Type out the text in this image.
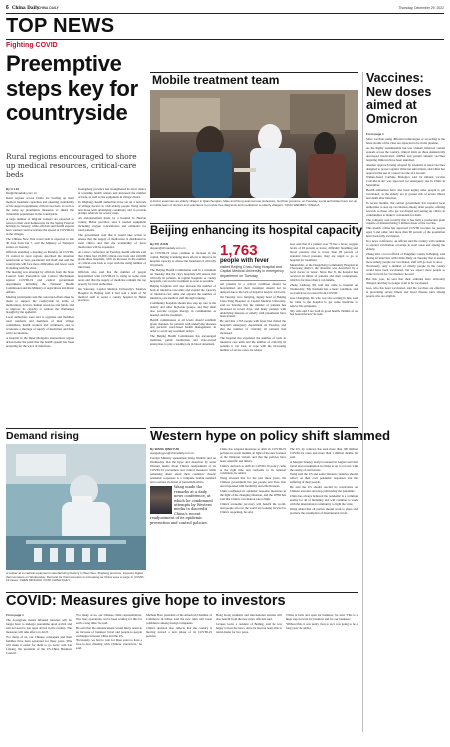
6 China Daily
CHINA DAILY	Thursday, December 29, 2022
TOP NEWS
Fighting COVID
Preemptive steps key for countryside
Rural regions encouraged to shore up medical resources, critical-care beds
By LI LEI
lilei@chinadaily.com.cn

Rural regions across China are beefing up their medical treatment capacities and ensuring availability of life support equipment, critical-care beds, as well as the ramp up preemptive measures to shield the vulnerable populations in the countryside.

A large number of migrant workers are expected to return to their rural hometowns for the Spring Festival holidays in January, while officials said health experts have warned could accelerate the spread of COVID-19 in the villages.

The Chinese New Year travel rush is expected to last 40 days from Jan 7, said the Ministry of Transport earlier on Tuesday.

Officials attending a meeting on Monday on COVID-19 control in rural regions described the situation nationwide as 'new, paramount and fluid' and said the countryside will face more difficulties and fewer tools in dealing with the virus.

The meeting was attended by officials from the State Council Joint Prevention and Control Mechanism against COVID-19 and central government departments including the National Health Commission and the Ministry of Agriculture and Rural Affairs.

Meeting participants said the concerted efforts must be made to support the countryside in terms of medications, devices, human resources and funds, and to improve its capacity to address the challenges brought by the epidemic.

Local authorities were told to organize and mobilize rural residents and members of their village committees, health workers and volunteers, and to accelerate a shortage of supply of medicines and help with vaccinations.

A hospital in the Inner Mongolia autonomous region drives home the point that the health system has been preparing for the wave of infections.

Guangdong province has strengthened its fever clinics at township health centers and increased the number of beds, as well as the equipment in village clinics.

In Zhejiang, health authorities have set up a network of village doctors to visit elderly people living alone and those with underlying conditions, and to provide prompt referrals for severe cases.

An announcement made by a hospital in Huai'an county, Hebei province, said it needed equipment including oxygen concentrators and oximeters for rural patients.

The government said that it would take action to ensure that the supply of medication is distributed to rural clinics and that the availability of fever medication will be expanded.

At a news conference on Tuesday, health officials said that China had 16,000 critical-care beds and 220,000 grade-three hospitals, with an increase in the number of critical-care beds to cope with the rising number of infections.

Officials also said that the number of people hospitalized with COVID-19 is rising in some rural areas and that the supply of medicine remains the top priority for rural authorities.

On Saturday, Capital Medical University's Xuanwu Hospital in Beijing said it had sent a team of 50 medical staff to assist a county hospital in Hebei province.

Mobile treatment team
A doctor examines an elderly villager in Qianchengtan, Miao and Dong autonomous prefecture, Guizhou province, on Tuesday. Local authorities have set up a mobile team of doctors and volunteers to provide free diagnosis and medication to elderly villagers. YANG WENBIN / XINHUA
Beijing enhancing its hospital capacity
By DU JUAN
dujuan@chinadaily.com.cn

As COVID-19 cases continue to increase in the capital, Beijing is making more efforts to improve its hospital capacity to ensure the treatment of critically ill patients.

The Beijing Health Commission said in a statement on Tuesday that the city's hospitals will ensure that critically ill patients, in regular hospitals or county hospitals, can receive treatment as soon as possible.

Beijing hospitals will also increase the number of beds in intensive-care units and expand the capacity of intensive-care units and expand the number of intensive-care medical staff through training.

Community hospitals should also step up care to the elderly and other high-risk groups, and they must also provide oxygen therapy in communities as needed, and the treatment.

Health commissions at all levels should establish green channels for patients with underlying diseases and perform ward-based health management, in order to avoid any treatment delays.

The Beijing Health Commission has encouraged institutes, public institutions and state-owned enterprises to play a leading role in blood donations.

1,763
people with fever
visited Beijing Chao-Yang Hospital and Capital Medical University in emergency department on Tuesday

All patients in a critical condition should be hospitalized and their treatment should not be delayed due to the lack of negative nucleic acid tests.

On Tuesday, Guo Jianying, deputy head of Beijing Chao-Yang Hospital of Capital Medical University, said on Tuesday that the number of patients has increased in recent days, and many patients with underlying diseases or elderly with pneumonia have been treated.

He said that 1,763 people with fever had visited the hospital's emergency department on Tuesday, and that the number of critically ill patients had increased.

The hospital has expanded the number of beds in intensive care units and the number of critically ill patients it can treat, to cope with the increasing number of severe cases, he added.

Guo said that if a patient over 70 has a fever, oxygen levels of 93 percent or lower, difficulty breathing and blood pressure that is lower than 90 percent of standard blood pressure, they are urged to go to hospital for treatment.

Meanwhile, at the Dongcheng Community Hospital in Chaoyang district, the situation was described by a local doctor as 'tense'. Since Dec 8, the hospital has received an influx of patients and their companions, which is far more than it can handle.

Zhang Lizhong, 68, said she came to hospital on Wednesday: 'My husband has a heart condition, and we both have recovered from COVID.'

Guo Changling, 66, who was also waiting in line, said he came to the hospital to get some medicine to relieve his symptoms.

'My wife and I are both in good health. Neither of us has been infected,' he said.

Vaccines: New doses aimed at Omicron
From page 1

More vaccines using different technologies or according to the latest strains of the virus are expected to be in the pipeline.

As the highly transmissible but less virulent Omicron variant spreads across the country, clinical trials on three domestically developed inactivated, mRNA and protein subunit vaccines targeting Omicron have been launched.

Another approach being adopted by scientists is nasal vaccines designed to protect against Omicron subvariants, and China has approved the use of a nasal vaccine as a booster.

Wuhan-based CanSino Biologics said its inhaled vaccine Convidecia Air was approved for emergency use in China in September.

Health authorities have also been urging older people to get vaccinated, as the elderly are at greater risk of severe illness and death after infection.

In recent months, the central government has required local authorities to step up vaccination among older people, offering rewards to those who get vaccinated and setting up clinics in communities to make it convenient for them.

The company said recently that it has built a production plant capable of manufacturing 5 million doses of the vaccine.

This month, China has approved COVID vaccines for people aged 3 and older, and more than 90 percent of the population have been fully vaccinated.

In a news conference, an official said the country will continue to expand vaccination coverage in rural areas and among the elderly.

Zhang Wei, a local official of Yangshuo county in Beijing, said during an interview with China Daily on Tuesday that to ensure more elderly people are vaccinated, staff will go door to door.

'Previously, only a number of elderly people in the county would have been vaccinated, but we expect more people to come forward for vaccination,' he said.

But this year, he said that their attitudes have obviously changed and they no longer want to be vaccinated.

Guo, who has been vaccinated, said the vaccines are effective at preventing severe illness and lower disease rates among people who are eligible.

Demand rising
A worker at a medical equipment manufacturing factory in Wenzhou, Zhejiang province, inspects digital thermometers on Wednesday. Demand for thermometers is increasing as China sees a surge in COVID-19 cases. CHEN MINGHUI / FOR CHINA DAILY
Western hype on policy shift slammed
By WANG QINGYUN
wangqingyun@chinadaily.com.cn

Foreign Ministry spokesman Wang Wenbin said on Wednesday that the hype and distortion by some Western media about China's readjustment of its COVID-19 prevention and control measures while remaining silent about their countries' chaotic pandemic responses is a complete double standard and a serious violation of journalism ethics.

Wang made the remarks at a daily news conference, at which he condemned attempts by Western media to discredit China's recent readjustment of its epidemic prevention and control policies.

China has adopted measures to shift its COVID-19 policies in recent months, in light of the new features of the Omicron variant, and that the policies have been scientific and timely.

China's decision to shift its COVID-19 policy came at the right time and conforms to its national conditions, he added.

Wang stressed that for the past three years, the Chinese government has put people and lives first and responded with flexibility and effectiveness.

China readjusted its epidemic response measures in the light of the changing situation, and the WHO has said that China's vaccination rate is high.

China's economic recovery will benefit the world, and people all over the world are looking forward to China's reopening, he said.

The US, by contrast, has seen more than 100 million COVID-19 cases and more than 1 million deaths, he said.

A Morgan Stanley analyst released in August said that travel and consumption in China is set to recover with the easing of restrictions.

Wang said the US and some Western countries should reflect on their own pandemic responses and the suffering of their people.

He said the US should rescind its restrictions on Chinese travelers and stop politicizing the pandemic.

China has always believed the pandemic is a common enemy for all of humanity and will continue to work with the international community to fight the virus.

Wang added that all parties should work to share and promote the resumption of international travel.

COVID: Measures give hope to investors
From page 1

The downgrade means inbound travelers will no longer have to undergo quarantine upon arrival and will not need to test upon arrival in the country. The measures will take effect on Jan 8.

'For many of us, our Chinese colleagues and their families have been separated for three years. This will make it easier for them to go back,' said Liu Liqiang, the president of the US-China Business Council.

'For many of us, our Chinese client representatives, Wei Jian, operations, we've been waiting for this for such a long time,' he said.

He said that the announcement would likely result in an increase of business travel and people-to-people exchanges between China and the US.

'Previously, we had to wait for three years to have a face-to-face meeting with Chinese executives,' he said.

Michael Hart, president of the American Chamber of Commerce in China, said the new rules will boost confidence among foreign companies.

China's decision also reflects that the country is moving toward a new phase of its COVID-19 policies.

Hong Kong residents and international tourists will also benefit from the new rules, officials said.

Jacques Gold, a resident of Beijing, said he was happy to hear the news, since he had not been able to return home for two years.

'China is back and open for business,' he said. 'This is a huge step forward for business and for our business.'

'Without this, it was pretty clear to us it was going to be a long year,' he added.
